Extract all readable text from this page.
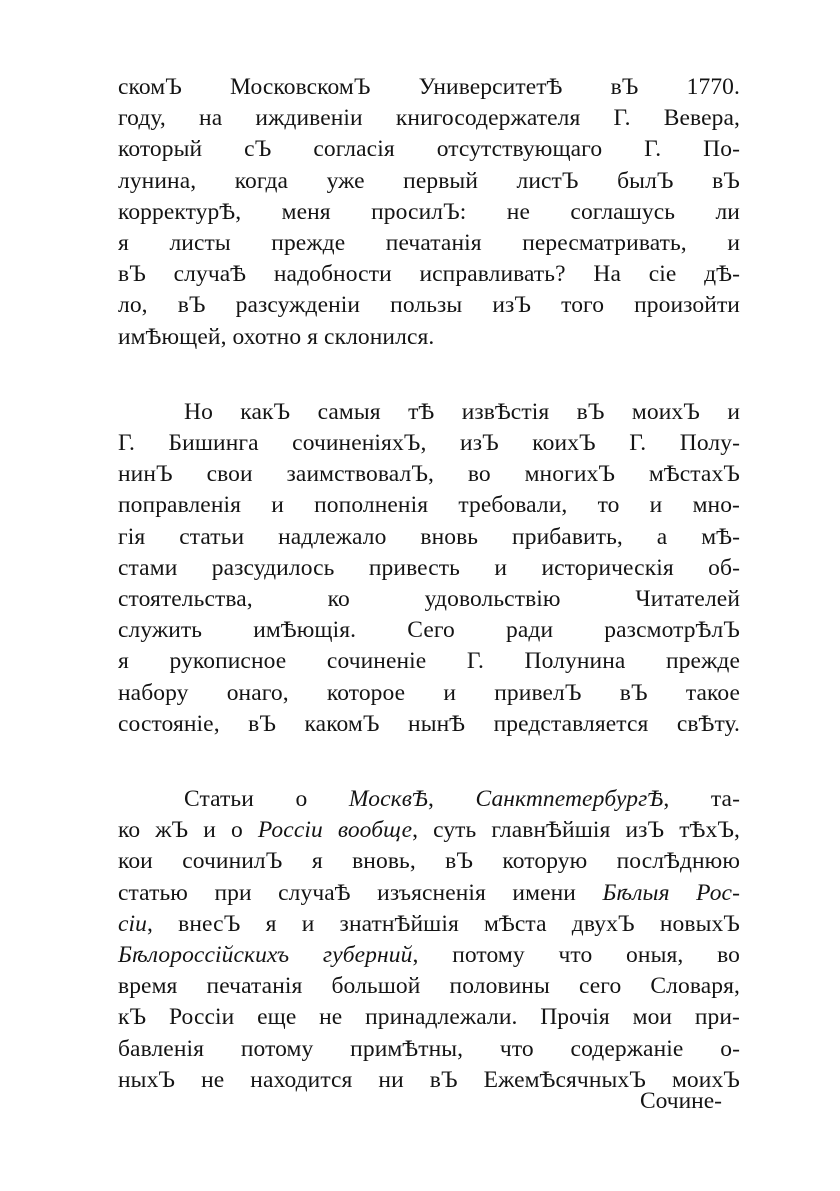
скомЪ МосковскомЪ УниверситетѢ вЪ 1770.
году, на иждивенiи книгосодержателя Г. Вевера,
который сЪ согласiя отсутствующаго Г. По-
лунина, когда уже первый листЪ былЪ вЪ
корректурѢ, меня просилЪ: не соглашусь ли
я листы прежде печатанiя пересматривать, и
вЪ случаѢ надобности исправливать? На сiе дѢ-
ло, вЪ разсужденiи пользы изЪ того произойти
имѢющей, охотно я склонился.

Но какЪ самыя тѢ извѢстiя вЪ моихЪ и
Г. Бишинга сочиненiяхЪ, изЪ коихЪ Г. Полу-
нинЪ свои заимствовалЪ, во многихЪ мѢстахЪ
поправленiя и пополненiя требовали, то и мно-
гiя статьи надлежало вновь прибавить, а мѢ-
стами разсудилось привесть и историческiя об-
стоятельства, ко удовольствiю Читателей
служить имѢющiя. Сего ради разсмотрѢлЪ
я рукописное сочиненiе Г. Полунина прежде
набору онаго, которое и привелЪ вЪ такое
состоянiе, вЪ какомЪ нынѢ представляется свѢту.

Статьи о МосквѢ, СанктпетербургѢ, та-
ко жЪ и о Россiи вообще, суть главнѢйшiя изЪ тѢхЪ,
кои сочинилЪ я вновь, вЪ которую послѢднюю
статью при случаѢ изъясненiя имени Бѣлыя Рос-
сiи, внесЪ я и знатнѢйшiя мѢста двухЪ новыхЪ
Бѣлороссiйскихъ губерний, потому что оныя, во
время печатанiя большой половины сего Словаря,
кЪ Россiи еще не принадлежали. Прочiя мои при-
бавленiя потому примѢтны, что содержанiе о-
ныхЪ не находится ни вЪ ЕжемѢсячныхЪ моихЪ

Сочине-
